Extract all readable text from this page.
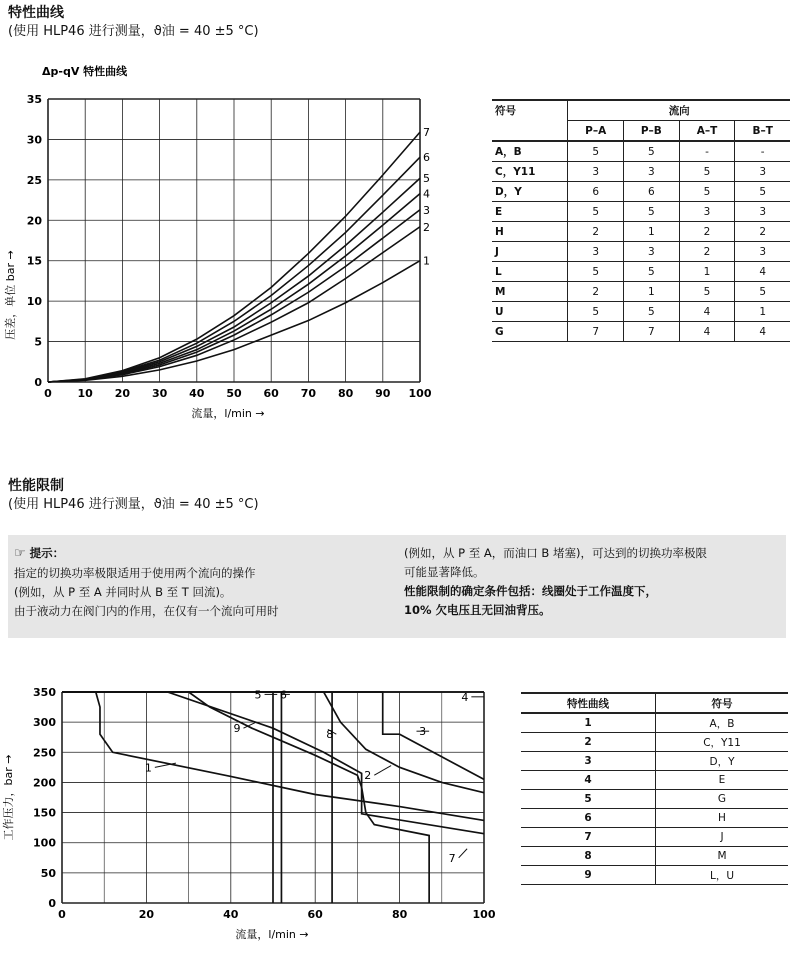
特性曲线
(使用 HLP46 进行测量，ϑ油 = 40 ±5 °C)
1
2
3
4
5
6
7
0 10 20 30 40 50 60 70 80 90 100
0
5
10
15
20
25
30
35
Δp-qV 特性曲线
流量，l/min →
压差，单位 bar →
符号	流向			
	P–A	P–B	A–T	B–T
A，B	5	5	-	-
C，Y11	3	3	5	3
D，Y	6	6	5	5
E	5	5	3	3
H	2	1	2	2
J	3	3	2	3
L	5	5	1	4
M	2	1	5	5
U	5	5	4	1
G	7	7	4	4
性能限制
(使用 HLP46 进行测量，ϑ油 = 40 ±5 °C)
☞ 提示：
指定的切换功率极限适用于使用两个流向的操作
(例如，从 P 至 A 并同时从 B 至 T 回流)。
由于液动力在阀门内的作用，在仅有一个流向可用时
(例如，从 P 至 A，而油口 B 堵塞)，可达到的切换功率极限
可能显著降低。
性能限制的确定条件包括：线圈处于工作温度下，
10% 欠电压且无回油背压。
0	20	40	60	80	100
0
50
100
150
200
250
300
350
1
2
3
4
5 6
7
8
9
流量，l/min →
工作压力，bar →
特性曲线	符号
1	A，B
2	C，Y11
3	D，Y
4	E
5	G
6	H
7	J
8	M
9	L，U
